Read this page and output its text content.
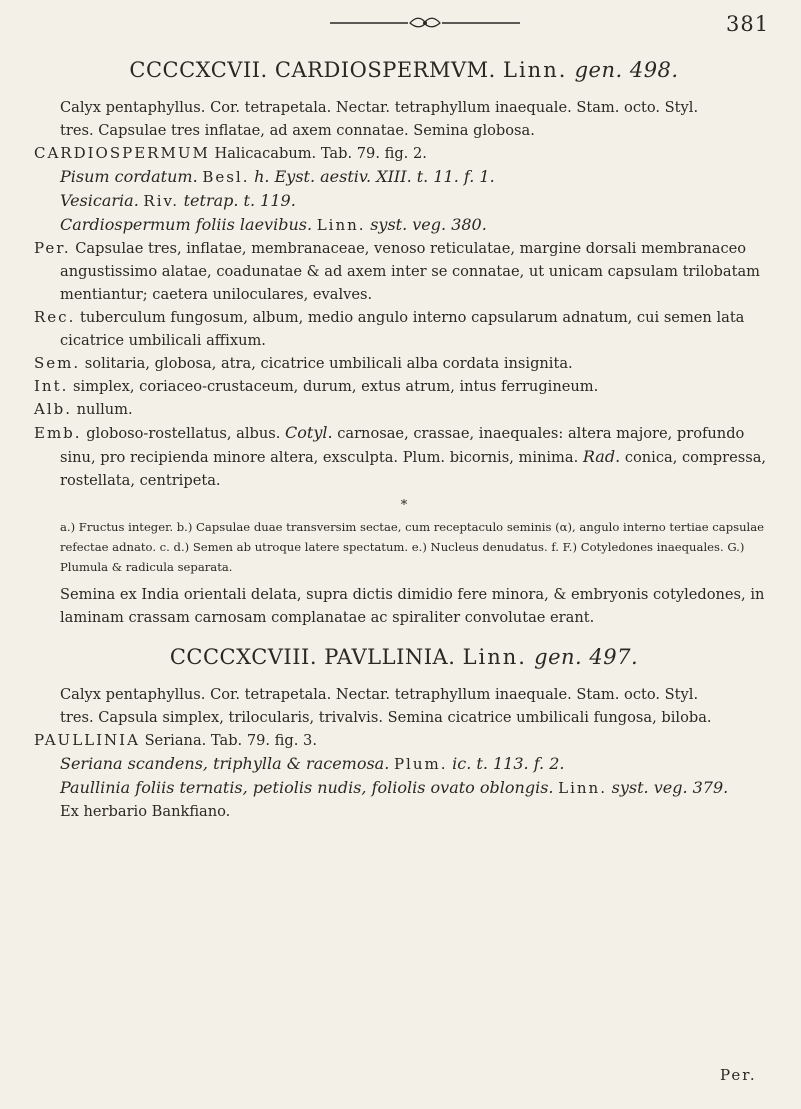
381
CCCCXCVII. CARDIOSPERMVM. Linn. gen. 498.

Calyx pentaphyllus. Cor. tetrapetala. Nectar. tetraphyllum inaequale. Stam. octo. Styl.

tres. Capsulae tres inflatae, ad axem connatae. Semina globosa.

CARDIOSPERMUM Halicacabum. Tab. 79. fig. 2.

Pisum cordatum. Besl. h. Eyst. aestiv. XIII. t. 11. f. 1.

Vesicaria. Riv. tetrap. t. 119.

Cardiospermum foliis laevibus. Linn. syst. veg. 380.

Per. Capsulae tres, inflatae, membranaceae, venoso reticulatae, margine dorsali membranaceo angustissimo alatae, coadunatae & ad axem inter se connatae, ut unicam capsulam trilobatam mentiantur; caetera uniloculares, evalves.

Rec. tuberculum fungosum, album, medio angulo interno capsularum adnatum, cui semen lata cicatrice umbilicali affixum.

Sem. solitaria, globosa, atra, cicatrice umbilicali alba cordata insignita.

Int. simplex, coriaceo-crustaceum, durum, extus atrum, intus ferrugineum.

Alb. nullum.

Emb. globoso-rostellatus, albus. Cotyl. carnosae, crassae, inaequales: altera majore, profundo sinu, pro recipienda minore altera, exsculpta. Plum. bicornis, minima. Rad. conica, compressa, rostellata, centripeta.

*

a.) Fructus integer. b.) Capsulae duae transversim sectae, cum receptaculo seminis (α), angulo interno tertiae capsulae refectae adnato. c. d.) Semen ab utroque latere spectatum. e.) Nucleus denudatus. f. F.) Cotyledones inaequales. G.) Plumula & radicula separata.

Semina ex India orientali delata, supra dictis dimidio fere minora, & embryonis cotyledones, in laminam crassam carnosam complanatae ac spiraliter convolutae erant.

CCCCXCVIII. PAVLLINIA. Linn. gen. 497.

Calyx pentaphyllus. Cor. tetrapetala. Nectar. tetraphyllum inaequale. Stam. octo. Styl.

tres. Capsula simplex, trilocularis, trivalvis. Semina cicatrice umbilicali fungosa, biloba.

PAULLINIA Seriana. Tab. 79. fig. 3.

Seriana scandens, triphylla & racemosa. Plum. ic. t. 113. f. 2.

Paullinia foliis ternatis, petiolis nudis, foliolis ovato oblongis. Linn. syst. veg. 379.

Ex herbario Bankfiano.

Per.
